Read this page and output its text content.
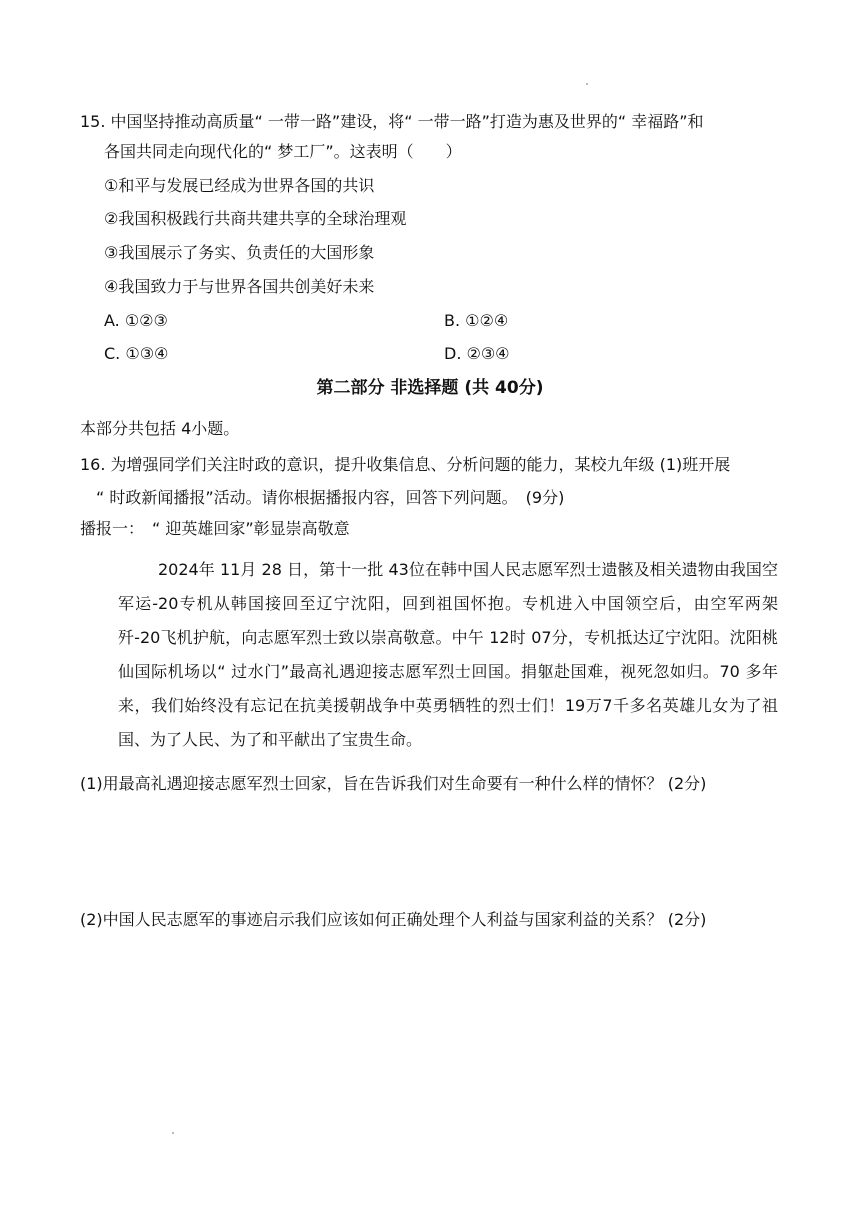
15. 中国坚持推动高质量“ 一带一路”建设，将“ 一带一路”打造为惠及世界的“ 幸福路”和
各国共同走向现代化的“ 梦工厂”。这表明（　　）
①和平与发展已经成为世界各国的共识
②我国积极践行共商共建共享的全球治理观
③我国展示了务实、负责任的大国形象
④我国致力于与世界各国共创美好未来
A. ①②③	B. ①②④
C. ①③④	D. ②③④
第二部分 非选择题 (共 40分)
本部分共包括 4小题。
16. 为增强同学们关注时政的意识，提升收集信息、分析问题的能力，某校九年级 (1)班开展
“ 时政新闻播报”活动。请你根据播报内容，回答下列问题。　(9分)
播报一：　“ 迎英雄回家”彰显崇高敬意

2024年 11月 28 日，第十一批 43位在韩中国人民志愿军烈士遗骸及相关遗物由我国空军运-20专机从韩国接回至辽宁沈阳，回到祖国怀抱。专机进入中国领空后，由空军两架歼-20飞机护航，向志愿军烈士致以崇高敬意。中午 12时 07分，专机抵达辽宁沈阳。沈阳桃仙国际机场以“ 过水门”最高礼遇迎接志愿军烈士回国。捐躯赴国难，视死忽如归。70 多年来，我们始终没有忘记在抗美援朝战争中英勇牺牲的烈士们！19万7千多名英雄儿女为了祖国、为了人民、为了和平献出了宝贵生命。

(1)用最高礼遇迎接志愿军烈士回家，旨在告诉我们对生命要有一种什么样的情怀？ (2分)
(2)中国人民志愿军的事迹启示我们应该如何正确处理个人利益与国家利益的关系？ (2分)
